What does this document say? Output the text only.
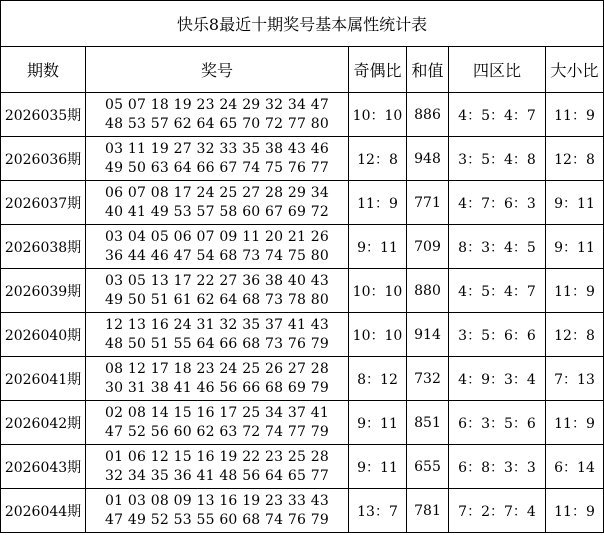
快乐8最近十期奖号基本属性统计表					
期数	奖号	奇偶比	和值	四区比	大小比
2026035期	05 07 18 19 23 24 29 32 34 47
48 53 57 62 64 65 70 72 77 80	10：10	886	4：5：4：7	11：9
2026036期	03 11 19 27 32 33 35 38 43 46
49 50 63 64 66 67 74 75 76 77	12：8	948	3：5：4：8	12：8
2026037期	06 07 08 17 24 25 27 28 29 34
40 41 49 53 57 58 60 67 69 72	11：9	771	4：7：6：3	9：11
2026038期	03 04 05 06 07 09 11 20 21 26
36 44 46 47 54 68 73 74 75 80	9：11	709	8：3：4：5	9：11
2026039期	03 05 13 17 22 27 36 38 40 43
49 50 51 61 62 64 68 73 78 80	10：10	880	4：5：4：7	11：9
2026040期	12 13 16 24 31 32 35 37 41 43
48 50 51 55 64 66 68 73 76 79	10：10	914	3：5：6：6	12：8
2026041期	08 12 17 18 23 24 25 26 27 28
30 31 38 41 46 56 66 68 69 79	8：12	732	4：9：3：4	7：13
2026042期	02 08 14 15 16 17 25 34 37 41
47 52 56 60 62 63 72 74 77 79	9：11	851	6：3：5：6	11：9
2026043期	01 06 12 15 16 19 22 23 25 28
32 34 35 36 41 48 56 64 65 77	9：11	655	6：8：3：3	6：14
2026044期	01 03 08 09 13 16 19 23 33 43
47 49 52 53 55 60 68 74 76 79	13：7	781	7：2：7：4	11：9
